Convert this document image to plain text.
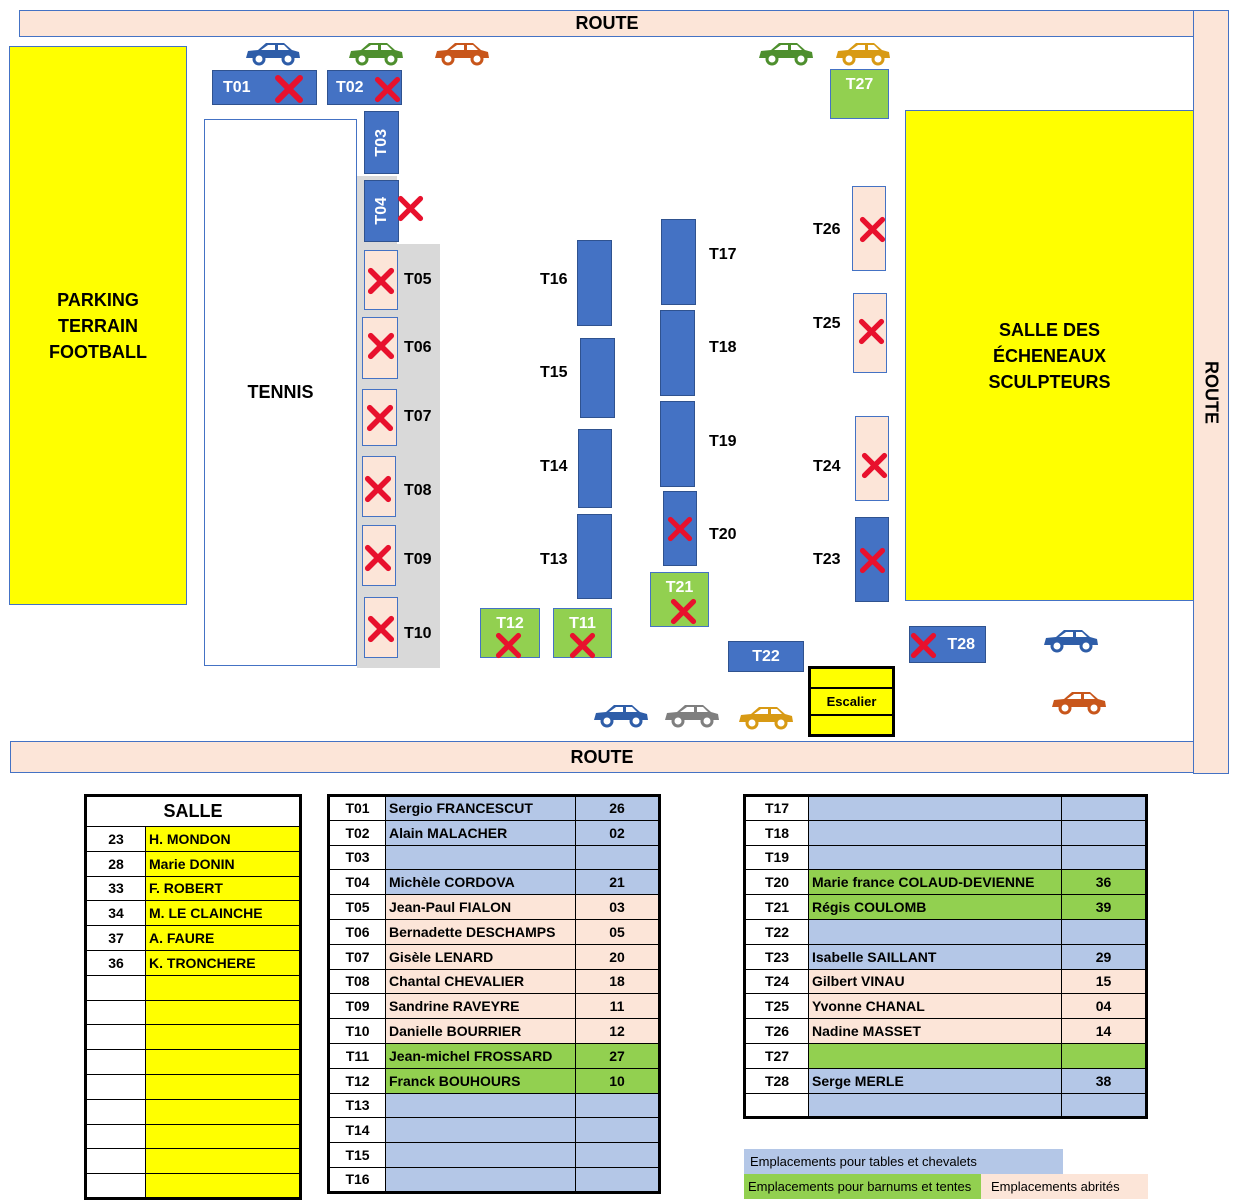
ROUTE
ROUTE
ROUTE
PARKING
TERRAIN
FOOTBALL
TENNIS
SALLE DES
ÉCHENEAUX
SCULPTEURS
Escalier
T01	T02
T03
T04
T05
T06
T07
T08
T09
T10
T12	T11
T16
T15
T14
T13
T17
T18
T19
T20
T21
T22
T27
T26
T25
T24
T23
T28
SALLE	
23	H. MONDON
28	Marie DONIN
33	F. ROBERT
34	M. LE CLAINCHE
37	A. FAURE
36	K. TRONCHERE

T01	Sergio FRANCESCUT	26
T02	Alain MALACHER	02
T03		
T04	Michèle CORDOVA	21
T05	Jean-Paul FIALON	03
T06	Bernadette DESCHAMPS	05
T07	Gisèle LENARD	20
T08	Chantal CHEVALIER	18
T09	Sandrine RAVEYRE	11
T10	Danielle BOURRIER	12
T11	Jean-michel FROSSARD	27
T12	Franck BOUHOURS	10
T13		
T14		
T15		
T16		
T17		
T18		
T19		
T20	Marie france COLAUD-DEVIENNE	36
T21	Régis COULOMB	39
T22		
T23	Isabelle SAILLANT	29
T24	Gilbert VINAU	15
T25	Yvonne CHANAL	04
T26	Nadine MASSET	14
T27		
T28	Serge MERLE	38

Emplacements pour tables et chevalets
Emplacements pour barnums et tentes Emplacements abrités
